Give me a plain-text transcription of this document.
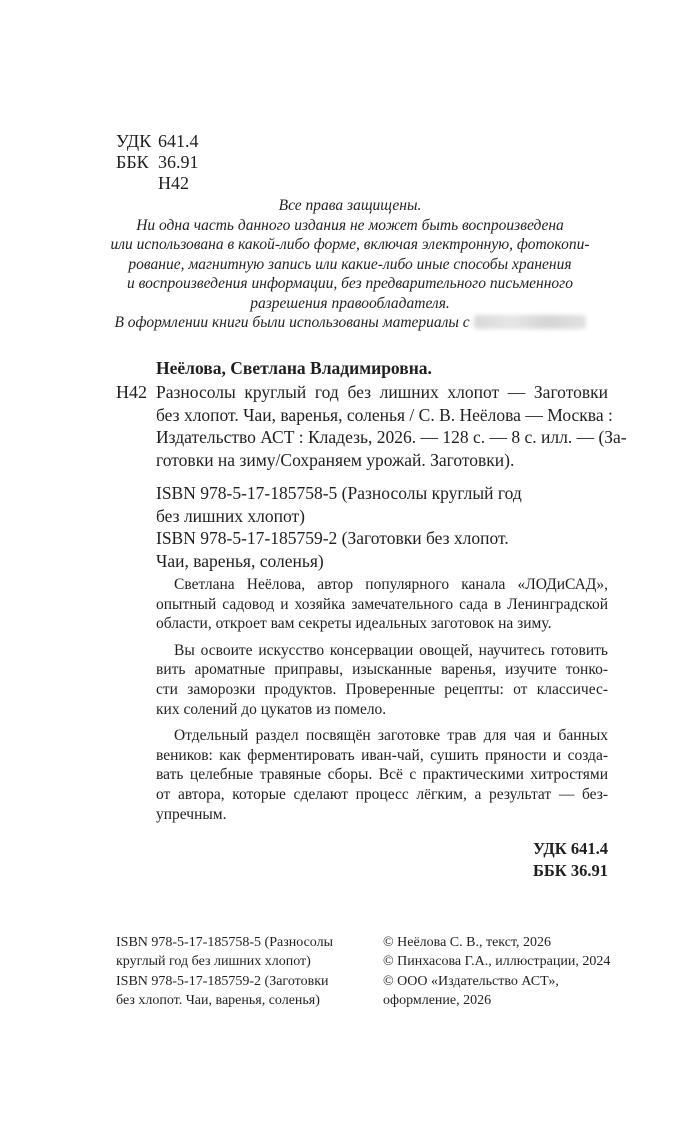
УДК 641.4
ББК 36.91
Н42
Все права защищены.
Ни одна часть данного издания не может быть воспроизведена
или использована в какой-либо форме, включая электронную, фотокопи-
рование, магнитную запись или какие-либо иные способы хранения
и воспроизведения информации, без предварительного письменного
разрешения правообладателя.
В оформлении книги были использованы материалы с
Неёлова, Светлана Владимировна.
Н42 Разносолы круглый год без лишних хлопот — Заготовки
без хлопот. Чаи, варенья, соленья / С. В. Неёлова — Москва :
Издательство АСТ : Кладезь, 2026. — 128 с. — 8 с. илл. — (За-
готовки на зиму/Сохраняем урожай. Заготовки).
ISBN 978-5-17-185758-5 (Разносолы круглый год
без лишних хлопот)
ISBN 978-5-17-185759-2 (Заготовки без хлопот.
Чаи, варенья, соленья)
Светлана Неёлова, автор популярного канала «ЛОДиСАД»,
опытный садовод и хозяйка замечательного сада в Ленинградской
области, откроет вам секреты идеальных заготовок на зиму.
Вы освоите искусство консервации овощей, научитесь готовить
вить ароматные приправы, изысканные варенья, изучите тонко-
сти заморозки продуктов. Проверенные рецепты: от классичес-
ких солений до цукатов из помело.
Отдельный раздел посвящён заготовке трав для чая и банных
веников: как ферментировать иван-чай, сушить пряности и созда-
вать целебные травяные сборы. Всё с практическими хитростями
от автора, которые сделают процесс лёгким, а результат — без-
упречным.
УДК 641.4
ББК 36.91
ISBN 978-5-17-185758-5 (Разносолы
круглый год без лишних хлопот)
ISBN 978-5-17-185759-2 (Заготовки
без хлопот. Чаи, варенья, соленья)
© Неёлова С. В., текст, 2026
© Пинхасова Г.А., иллюстрации, 2024
© ООО «Издательство АСТ»,
оформление, 2026
